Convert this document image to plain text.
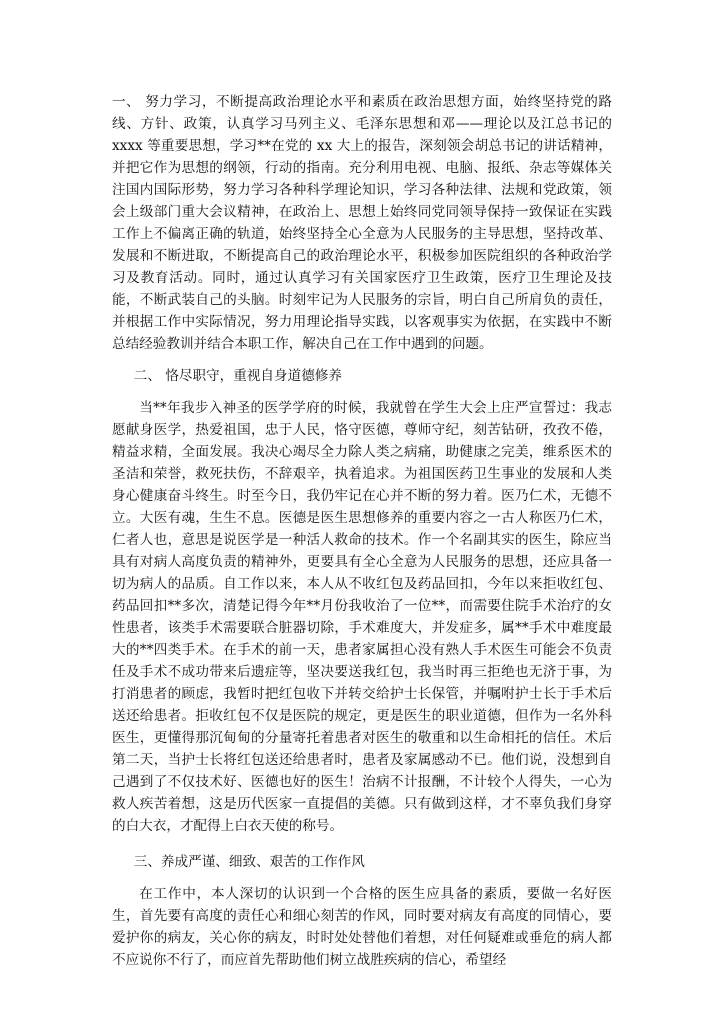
一、 努力学习，不断提高政治理论水平和素质在政治思想方面，始终坚持党的路线、方针、政策，认真学习马列主义、毛泽东思想和邓——理论以及江总书记的 xxxx 等重要思想，学习**在党的 xx 大上的报告，深刻领会胡总书记的讲话精神，并把它作为思想的纲领，行动的指南。充分利用电视、电脑、报纸、杂志等媒体关注国内国际形势，努力学习各种科学理论知识，学习各种法律、法规和党政策，领会上级部门重大会议精神，在政治上、思想上始终同党同领导保持一致保证在实践工作上不偏离正确的轨道，始终坚持全心全意为人民服务的主导思想，坚持改革、发展和不断进取，不断提高自己的政治理论水平，积极参加医院组织的各种政治学习及教育活动。同时，通过认真学习有关国家医疗卫生政策，医疗卫生理论及技能，不断武装自己的头脑。时刻牢记为人民服务的宗旨，明白自己所肩负的责任，并根据工作中实际情况，努力用理论指导实践，以客观事实为依据，在实践中不断总结经验教训并结合本职工作，解决自己在工作中遇到的问题。

二、 恪尽职守，重视自身道德修养

当**年我步入神圣的医学学府的时候，我就曾在学生大会上庄严宣誓过：我志愿献身医学，热爱祖国，忠于人民，恪守医德，尊师守纪，刻苦钻研，孜孜不倦，精益求精，全面发展。我决心竭尽全力除人类之病痛，助健康之完美，维系医术的圣洁和荣誉，救死扶伤，不辞艰辛，执着追求。为祖国医药卫生事业的发展和人类身心健康奋斗终生。时至今日，我仍牢记在心并不断的努力着。医乃仁术，无德不立。大医有魂，生生不息。医德是医生思想修养的重要内容之一古人称医乃仁术，仁者人也，意思是说医学是一种活人救命的技术。作一个名副其实的医生，除应当具有对病人高度负责的精神外，更要具有全心全意为人民服务的思想，还应具备一切为病人的品质。自工作以来，本人从不收红包及药品回扣，今年以来拒收红包、药品回扣**多次，清楚记得今年**月份我收治了一位**，而需要住院手术治疗的女性患者，该类手术需要联合脏器切除，手术难度大，并发症多，属**手术中难度最大的**四类手术。在手术的前一天，患者家属担心没有熟人手术医生可能会不负责任及手术不成功带来后遗症等，坚决要送我红包，我当时再三拒绝也无济于事，为打消患者的顾虑，我暂时把红包收下并转交给护士长保管，并嘱咐护士长于手术后送还给患者。拒收红包不仅是医院的规定，更是医生的职业道德，但作为一名外科医生，更懂得那沉甸甸的分量寄托着患者对医生的敬重和以生命相托的信任。术后第二天，当护士长将红包送还给患者时，患者及家属感动不已。他们说，没想到自己遇到了不仅技术好、医德也好的医生！治病不计报酬，不计较个人得失，一心为救人疾苦着想，这是历代医家一直提倡的美德。只有做到这样，才不辜负我们身穿的白大衣，才配得上白衣天使的称号。

三、养成严谨、细致、艰苦的工作作风

在工作中，本人深切的认识到一个合格的医生应具备的素质，要做一名好医生，首先要有高度的责任心和细心刻苦的作风，同时要对病友有高度的同情心，要爱护你的病友，关心你的病友，时时处处替他们着想，对任何疑难或垂危的病人都不应说你不行了，而应首先帮助他们树立战胜疾病的信心，希望经
